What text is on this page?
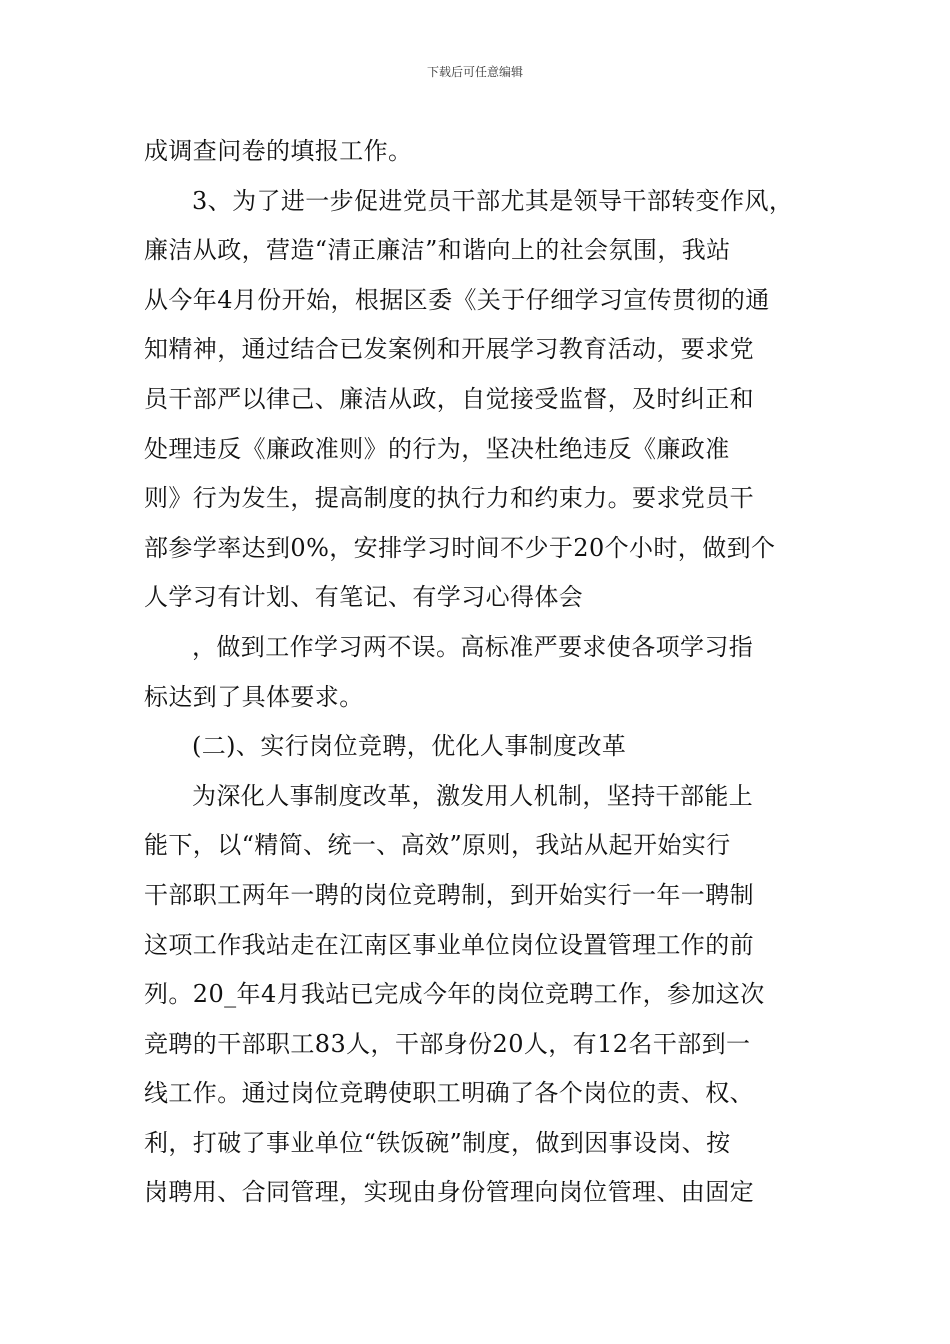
下载后可任意编辑
成调查问卷的填报工作。
3、为了进一步促进党员干部尤其是领导干部转变作风，
廉洁从政，营造“清正廉洁”和谐向上的社会氛围，我站
从今年4月份开始，根据区委《关于仔细学习宣传贯彻的通
知精神，通过结合已发案例和开展学习教育活动，要求党
员干部严以律己、廉洁从政，自觉接受监督，及时纠正和
处理违反《廉政准则》的行为，坚决杜绝违反《廉政准
则》行为发生，提高制度的执行力和约束力。要求党员干
部参学率达到0%，安排学习时间不少于20个小时，做到个
人学习有计划、有笔记、有学习心得体会
，做到工作学习两不误。高标准严要求使各项学习指
标达到了具体要求。
(二)、实行岗位竞聘，优化人事制度改革
为深化人事制度改革，激发用人机制，坚持干部能上
能下，以“精简、统一、高效”原则，我站从起开始实行
干部职工两年一聘的岗位竞聘制，到开始实行一年一聘制
这项工作我站走在江南区事业单位岗位设置管理工作的前
列。20_年4月我站已完成今年的岗位竞聘工作，参加这次
竞聘的干部职工83人，干部身份20人，有12名干部到一
线工作。通过岗位竞聘使职工明确了各个岗位的责、权、
利，打破了事业单位“铁饭碗”制度，做到因事设岗、按
岗聘用、合同管理，实现由身份管理向岗位管理、由固定
